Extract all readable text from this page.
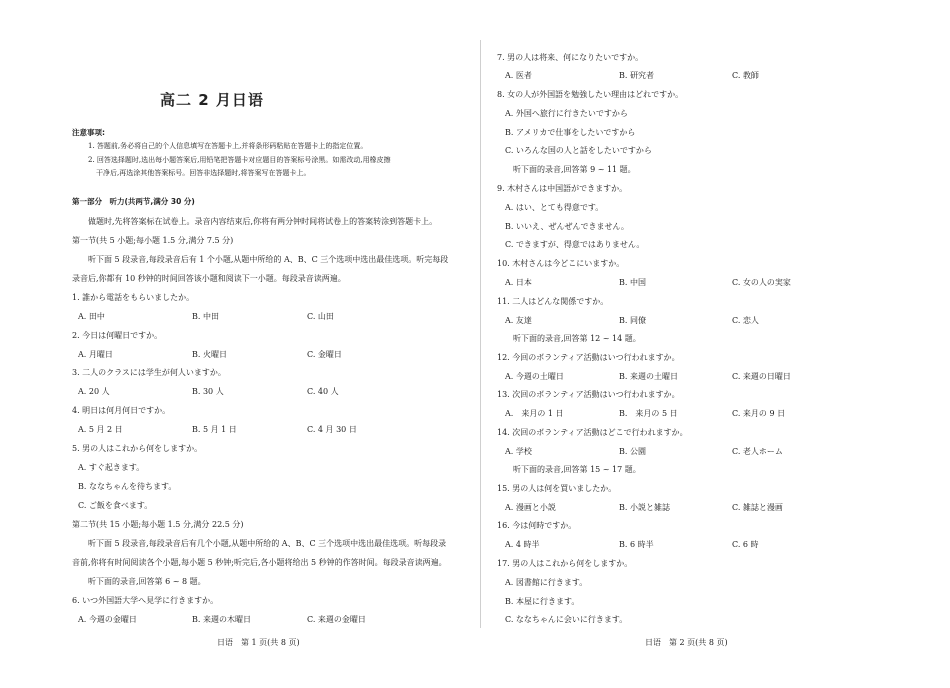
高二 2 月日语
注意事项:
1. 答题前,务必将自己的个人信息填写在答题卡上,并将条形码粘贴在答题卡上的指定位置。
2. 回答选择题时,选出每小题答案后,用铅笔把答题卡对应题目的答案标号涂黑。如需改动,用橡皮擦
干净后,再选涂其他答案标号。回答非选择题时,将答案写在答题卡上。
第一部分　听力(共两节,满分 30 分)
做题时,先将答案标在试卷上。录音内容结束后,你将有两分钟时间将试卷上的答案转涂到答题卡上。
第一节(共 5 小题;每小题 1.5 分,满分 7.5 分)
听下面 5 段录音,每段录音后有 1 个小题,从题中所给的 A、B、C 三个选项中选出最佳选项。听完每段
录音后,你都有 10 秒钟的时间回答该小题和阅读下一小题。每段录音读两遍。
1. 誰から電話をもらいましたか。
A. 田中	B. 中田	C. 山田
2. 今日は何曜日ですか。
A. 月曜日	B. 火曜日	C. 金曜日
3. 二人のクラスには学生が何人いますか。
A. 20 人	B. 30 人	C. 40 人
4. 明日は何月何日ですか。
A. 5 月 2 日	B. 5 月 1 日	C. 4 月 30 日
5. 男の人はこれから何をしますか。
A. すぐ起きます。
B. ななちゃんを待ちます。
C. ご飯を食べます。
第二节(共 15 小题;每小题 1.5 分,满分 22.5 分)
听下面 5 段录音,每段录音后有几个小题,从题中所给的 A、B、C 三个选项中选出最佳选项。听每段录
音前,你将有时间阅读各个小题,每小题 5 秒钟;听完后,各小题将给出 5 秒钟的作答时间。每段录音读两遍。
听下面的录音,回答第 6 ~ 8 题。
6. いつ外国語大学へ見学に行きますか。
A. 今週の金曜日	B. 来週の木曜日	C. 来週の金曜日
日语　第 1 页(共 8 页)
7. 男の人は将来、何になりたいですか。
A. 医者	B. 研究者	C. 教師
8. 女の人が外国語を勉強したい理由はどれですか。
A. 外国へ旅行に行きたいですから
B. アメリカで仕事をしたいですから
C. いろんな国の人と話をしたいですから
听下面的录音,回答第 9 ~ 11 题。
9. 木村さんは中国語ができますか。
A. はい、とても得意です。
B. いいえ、ぜんぜんできません。
C. できますが、得意ではありません。
10. 木村さんは今どこにいますか。
A. 日本	B. 中国	C. 女の人の実家
11. 二人はどんな関係ですか。
A. 友達	B. 同僚	C. 恋人
听下面的录音,回答第 12 ~ 14 题。
12. 今回のボランティア活動はいつ行われますか。
A. 今週の土曜日	B. 来週の土曜日	C. 来週の日曜日
13. 次回のボランティア活動はいつ行われますか。
A.　来月の 1 日	B.　来月の 5 日	C. 来月の 9 日
14. 次回のボランティア活動はどこで行われますか。
A. 学校	B. 公園	C. 老人ホーム
听下面的录音,回答第 15 ~ 17 题。
15. 男の人は何を買いましたか。
A. 漫画と小説	B. 小説と雑誌	C. 雑誌と漫画
16. 今は何時ですか。
A. 4 時半	B. 6 時半	C. 6 時
17. 男の人はこれから何をしますか。
A. 図書館に行きます。
B. 本屋に行きます。
C. ななちゃんに会いに行きます。
日语　第 2 页(共 8 页)
